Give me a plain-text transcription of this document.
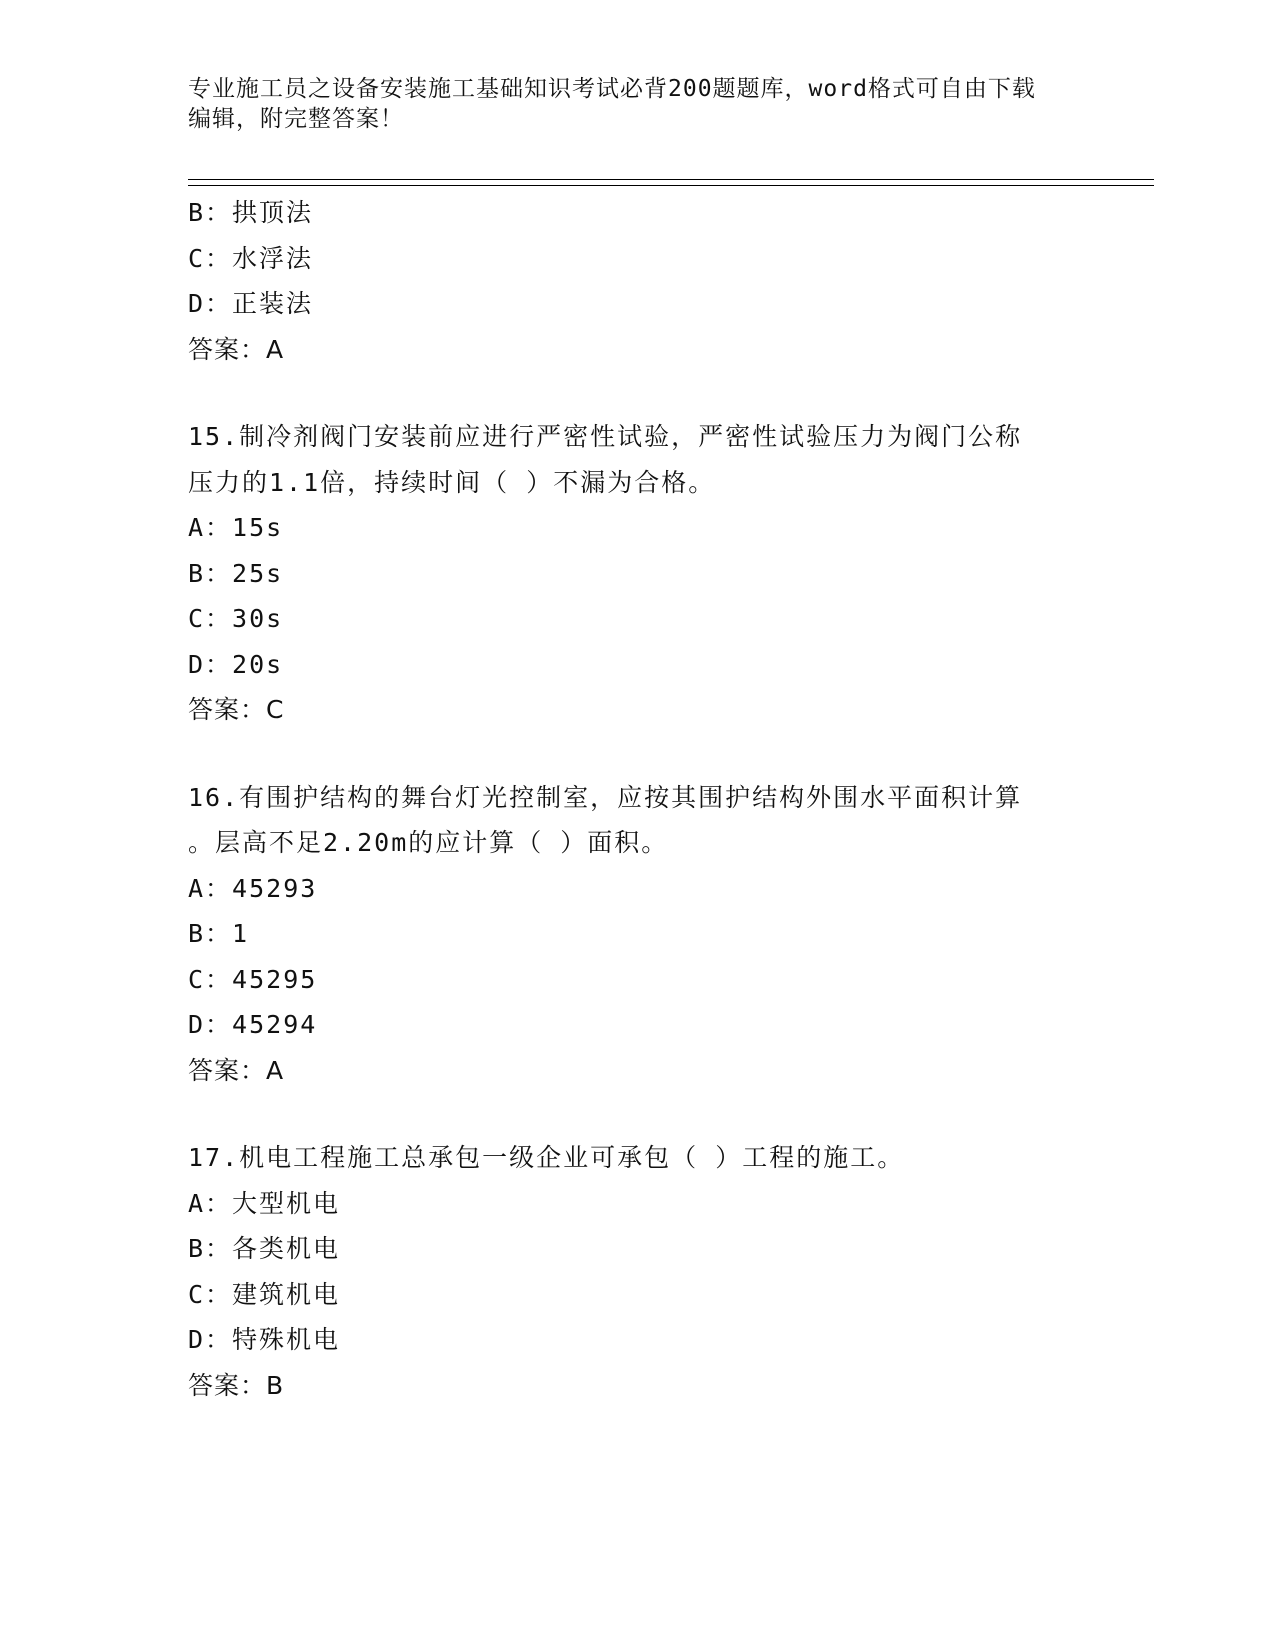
专业施工员之设备安装施工基础知识考试必背200题题库，word格式可自由下载
编辑，附完整答案！
B：拱顶法
C：水浮法
D：正装法
答案：A
15.制冷剂阀门安装前应进行严密性试验，严密性试验压力为阀门公称
压力的1.1倍，持续时间（ ）不漏为合格。
A：15s
B：25s
C：30s
D：20s
答案：C
16.有围护结构的舞台灯光控制室，应按其围护结构外围水平面积计算
。层高不足2.20m的应计算（ ）面积。
A：45293
B：1
C：45295
D：45294
答案：A
17.机电工程施工总承包一级企业可承包（ ）工程的施工。
A：大型机电
B：各类机电
C：建筑机电
D：特殊机电
答案：B
